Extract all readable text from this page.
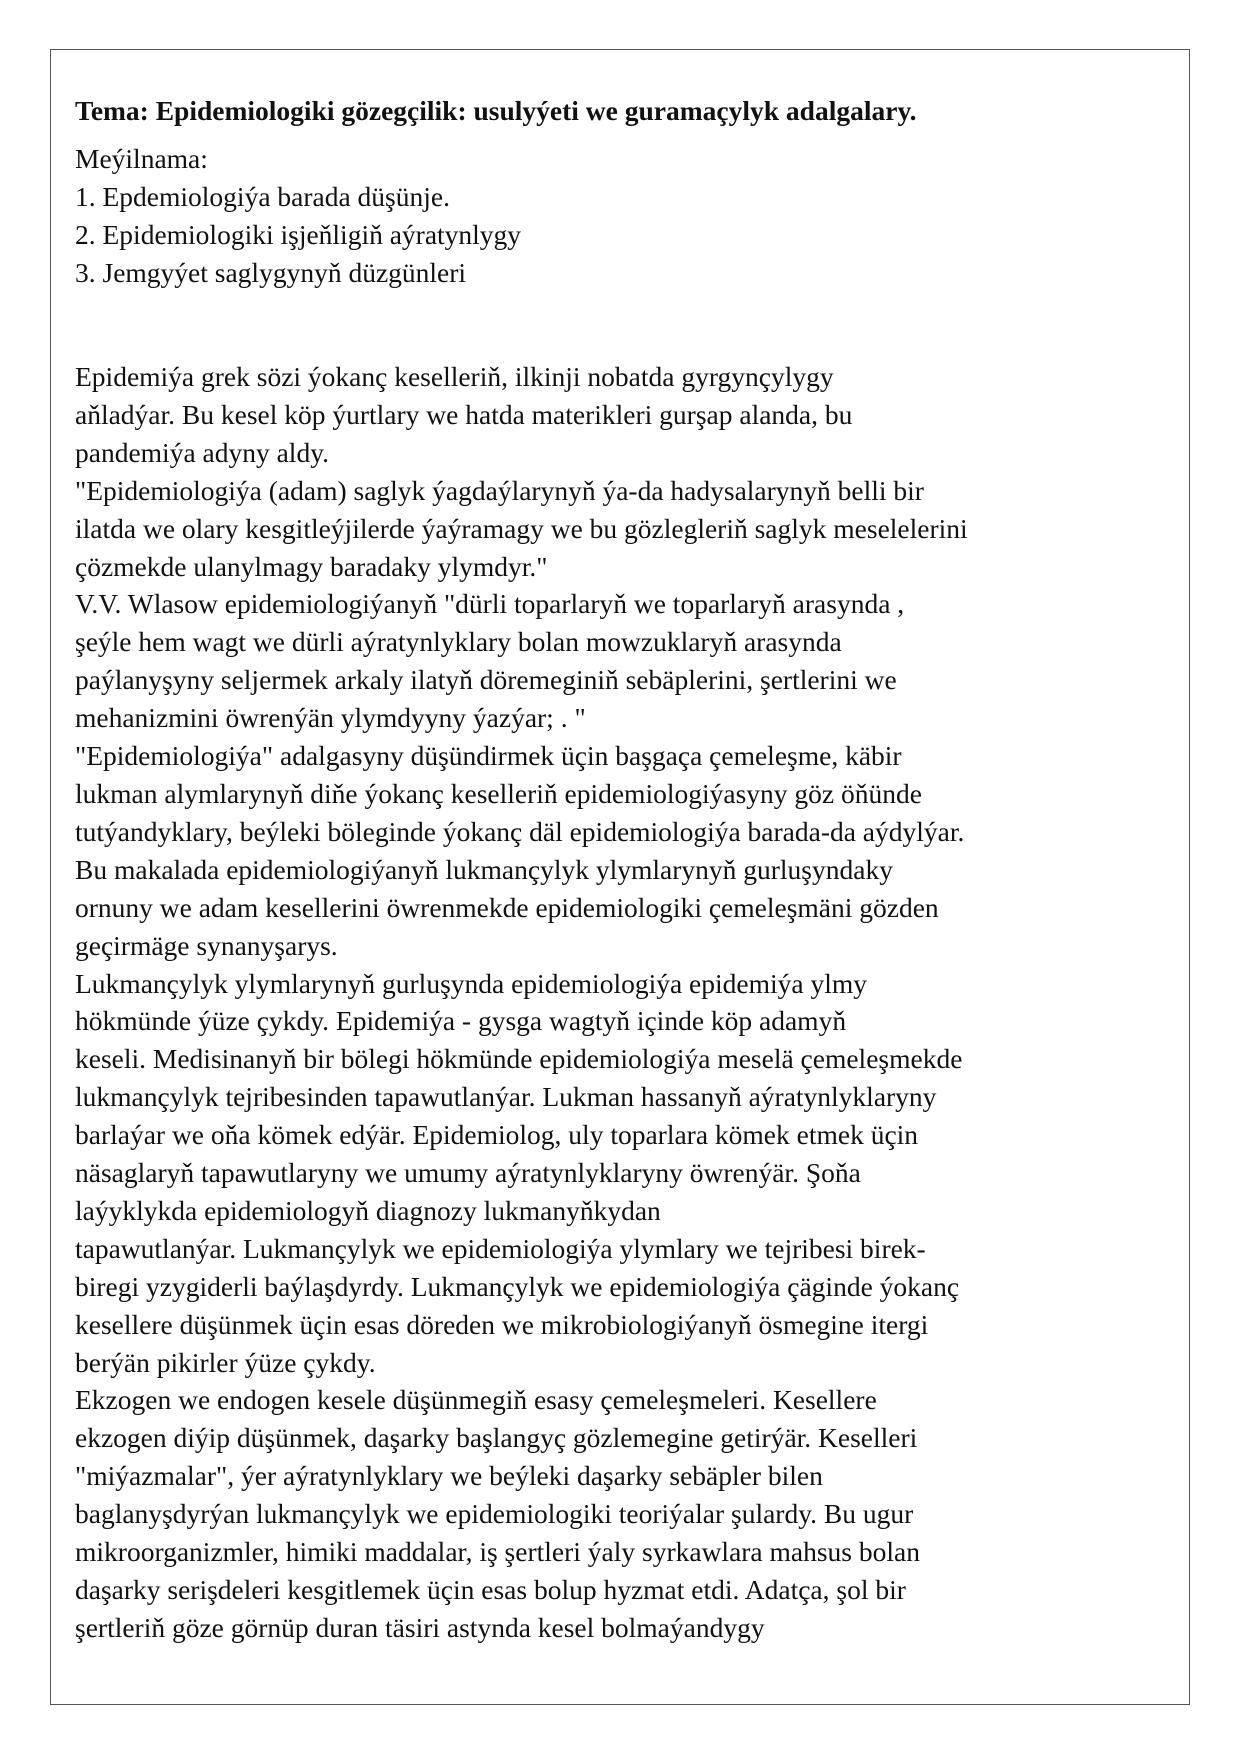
Tema: Epidemiologiki gözegçilik: usulyýeti we guramaçylyk adalgalary.
Meýilnama:
1. Epdemiologiýa barada düşünje.
2. Epidemiologiki işjeňligiň aýratynlygy
3. Jemgyýet saglygynyň düzgünleri
Epidemiýa grek sözi ýokanç keselleriň, ilkinji nobatda gyrgynçylygy
aňladýar. Bu kesel köp ýurtlary we hatda materikleri gurşap alanda, bu
pandemiýa adyny aldy.
"Epidemiologiýa (adam) saglyk ýagdaýlarynyň ýa-da hadysalarynyň belli bir
ilatda we olary kesgitleýjilerde ýaýramagy we bu gözlegleriň saglyk meselelerini
çözmekde ulanylmagy baradaky ylymdyr."
V.V. Wlasow epidemiologiýanyň "dürli toparlaryň we toparlaryň arasynda ,
şeýle hem wagt we dürli aýratynlyklary bolan mowzuklaryň arasynda
paýlanyşyny seljermek arkaly ilatyň döremeginiň sebäplerini, şertlerini we
mehanizmini öwrenýän ylymdyyny ýazýar; . "
"Epidemiologiýa" adalgasyny düşündirmek üçin başgaça çemeleşme, käbir
lukman alymlarynyň diňe ýokanç keselleriň epidemiologiýasyny göz öňünde
tutýandyklary, beýleki böleginde ýokanç däl epidemiologiýa barada-da aýdylýar.
Bu makalada epidemiologiýanyň lukmançylyk ylymlarynyň gurluşyndaky
ornuny we adam kesellerini öwrenmekde epidemiologiki çemeleşmäni gözden
geçirmäge synanyşarys.
Lukmançylyk ylymlarynyň gurluşynda epidemiologiýa epidemiýa ylmy
hökmünde ýüze çykdy. Epidemiýa - gysga wagtyň içinde köp adamyň
keseli. Medisinanyň bir bölegi hökmünde epidemiologiýa meselä çemeleşmekde
lukmançylyk tejribesinden tapawutlanýar. Lukman hassanyň aýratynlyklaryny
barlaýar we oňa kömek edýär. Epidemiolog, uly toparlara kömek etmek üçin
näsaglaryň tapawutlaryny we umumy aýratynlyklaryny öwrenýär. Şoňa
laýyklykda epidemiologyň diagnozy lukmanyňkydan
tapawutlanýar. Lukmançylyk we epidemiologiýa ylymlary we tejribesi birek-
biregi yzygiderli baýlaşdyrdy. Lukmançylyk we epidemiologiýa çäginde ýokanç
kesellere düşünmek üçin esas döreden we mikrobiologiýanyň ösmegine itergi
berýän pikirler ýüze çykdy.
Ekzogen we endogen kesele düşünmegiň esasy çemeleşmeleri. Kesellere
ekzogen diýip düşünmek, daşarky başlangyç gözlemegine getirýär. Keselleri
"miýazmalar", ýer aýratynlyklary we beýleki daşarky sebäpler bilen
baglanyşdyrýan lukmançylyk we epidemiologiki teoriýalar şulardy. Bu ugur
mikroorganizmler, himiki maddalar, iş şertleri ýaly syrkawlara mahsus bolan
daşarky serişdeleri kesgitlemek üçin esas bolup hyzmat etdi. Adatça, şol bir
şertleriň göze görnüp duran täsiri astynda kesel bolmaýandygy
